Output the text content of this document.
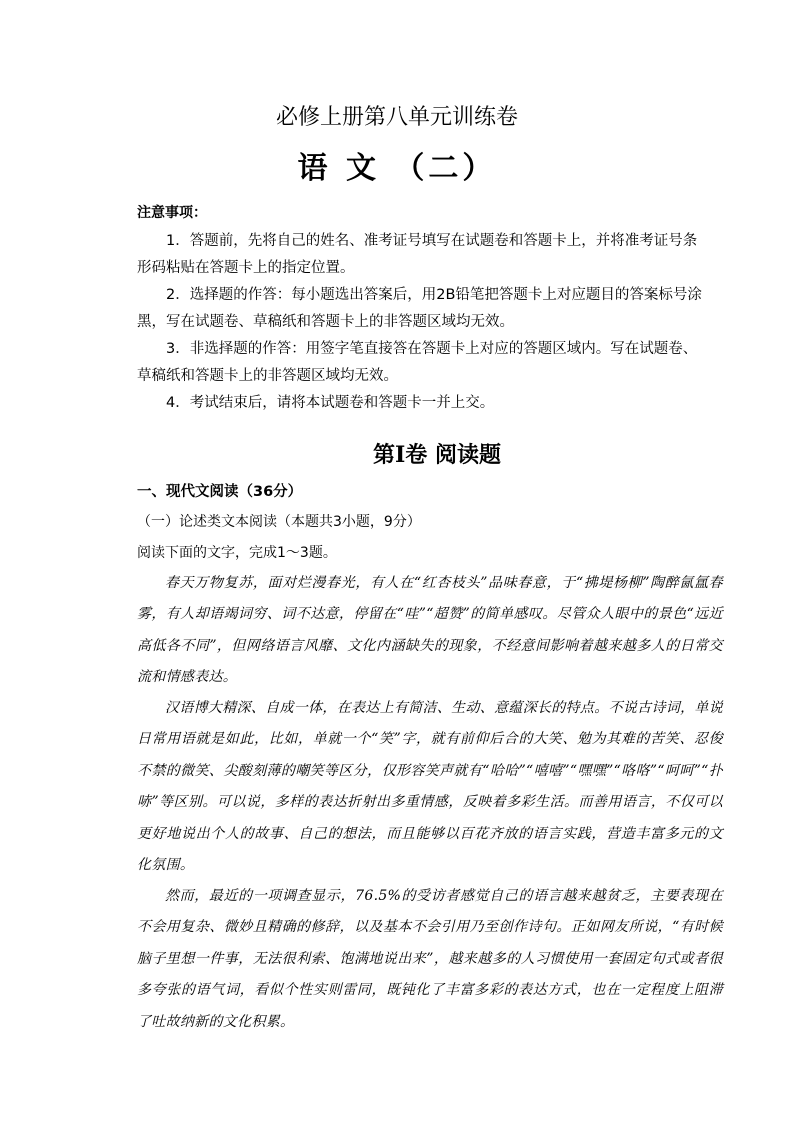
必修上册第八单元训练卷
语 文 （二）
注意事项：
1．答题前，先将自己的姓名、准考证号填写在试题卷和答题卡上，并将准考证号条形码粘贴在答题卡上的指定位置。
2．选择题的作答：每小题选出答案后，用2B铅笔把答题卡上对应题目的答案标号涂黑，写在试题卷、草稿纸和答题卡上的非答题区域均无效。
3．非选择题的作答：用签字笔直接答在答题卡上对应的答题区域内。写在试题卷、草稿纸和答题卡上的非答题区域均无效。
4．考试结束后，请将本试题卷和答题卡一并上交。
第Ⅰ卷 阅读题
一、现代文阅读（36分）
（一）论述类文本阅读（本题共3小题，9分）
阅读下面的文字，完成1～3题。
春天万物复苏，面对烂漫春光，有人在“红杏枝头”品味春意，于“拂堤杨柳”陶醉氤氲春雾，有人却语竭词穷、词不达意，停留在“哇”“超赞”的简单感叹。尽管众人眼中的景色“远近高低各不同”，但网络语言风靡、文化内涵缺失的现象，不经意间影响着越来越多人的日常交流和情感表达。
汉语博大精深、自成一体，在表达上有简洁、生动、意蕴深长的特点。不说古诗词，单说日常用语就是如此，比如，单就一个“笑”字，就有前仰后合的大笑、勉为其难的苦笑、忍俊不禁的微笑、尖酸刻薄的嘲笑等区分，仅形容笑声就有“哈哈”“嘻嘻”“嘿嘿”“咯咯”“呵呵”“扑哧”等区别。可以说，多样的表达折射出多重情感，反映着多彩生活。而善用语言，不仅可以更好地说出个人的故事、自己的想法，而且能够以百花齐放的语言实践，营造丰富多元的文化氛围。
然而，最近的一项调查显示，76.5%的受访者感觉自己的语言越来越贫乏，主要表现在不会用复杂、微妙且精确的修辞，以及基本不会引用乃至创作诗句。正如网友所说，“有时候脑子里想一件事，无法很利索、饱满地说出来”，越来越多的人习惯使用一套固定句式或者很多夸张的语气词，看似个性实则雷同，既钝化了丰富多彩的表达方式，也在一定程度上阻滞了吐故纳新的文化积累。
